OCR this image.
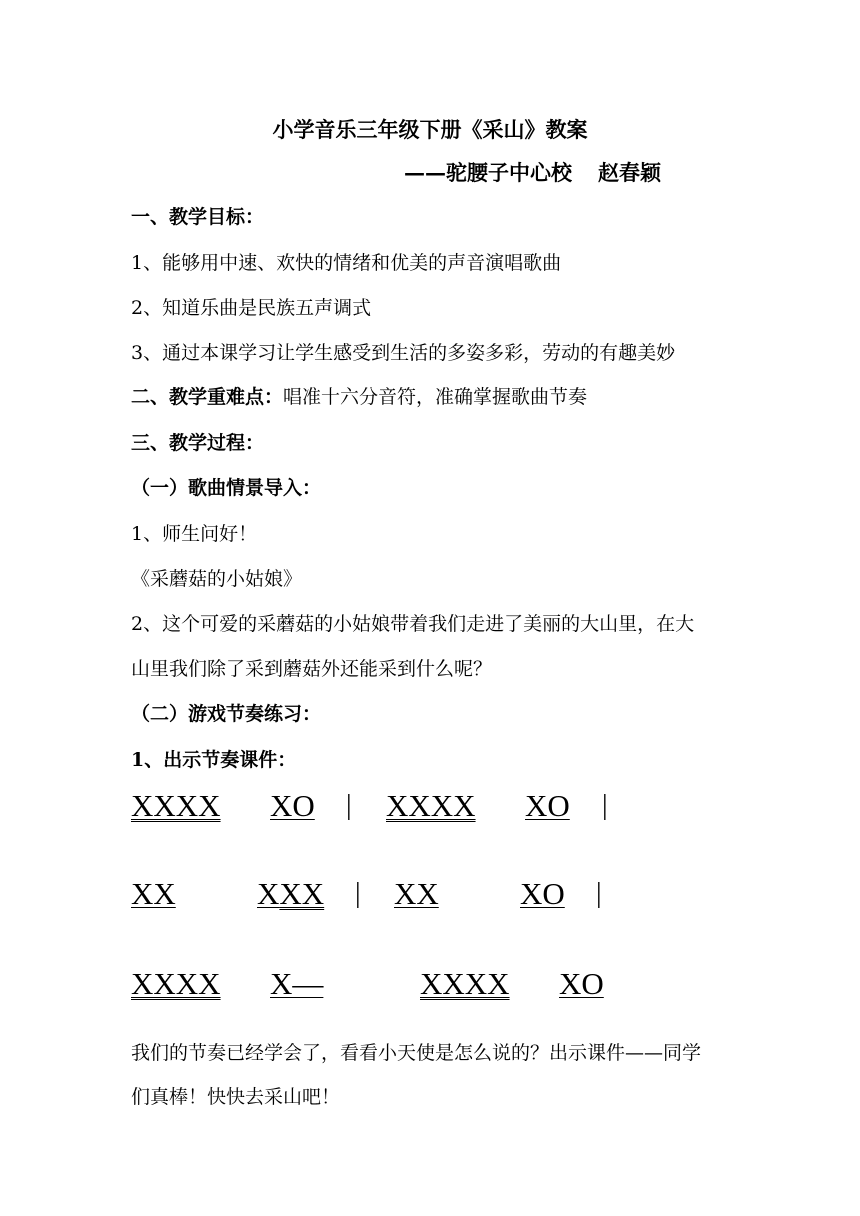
小学音乐三年级下册《采山》教案
——驼腰子中心校 赵春颖
一、教学目标：
1、能够用中速、欢快的情绪和优美的声音演唱歌曲
2、知道乐曲是民族五声调式
3、通过本课学习让学生感受到生活的多姿多彩，劳动的有趣美妙
二、教学重难点：唱准十六分音符，准确掌握歌曲节奏
三、教学过程：
（一）歌曲情景导入：
1、师生问好！
《采蘑菇的小姑娘》
2、这个可爱的采蘑菇的小姑娘带着我们走进了美丽的大山里，在大
山里我们除了采到蘑菇外还能采到什么呢？
（二）游戏节奏练习：
1、出示节奏课件：
XXXX XO | XXXX XO |
XX	XXX | XX	XO |
XXXX X—	XXXX XO
我们的节奏已经学会了，看看小天使是怎么说的？出示课件——同学
们真棒！快快去采山吧！
